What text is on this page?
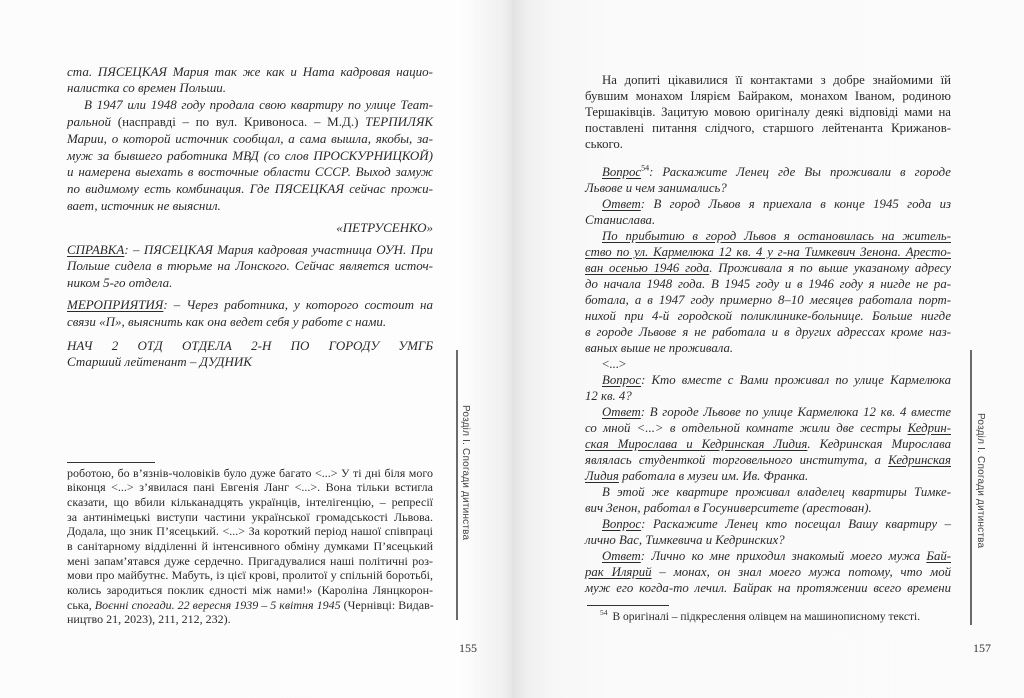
ста. ПЯСЕЦКАЯ Мария так же как и Ната кадровая нацио-
налистка со времен Польши.
В 1947 или 1948 году продала свою квартиру по улице Теат-
ральной (насправді – по вул. Кривоноса. – М.Д.) ТЕРПИЛЯК
Марии, о которой источник сообщал, а сама вышла, якобы, за-
муж за бывшего работника МВД (со слов ПРОСКУРНИЦКОЙ)
и намерена выехать в восточные области СССР. Выход замуж
по видимому есть комбинация. Где ПЯСЕЦКАЯ сейчас прожи-
вает, источник не выяснил.
«ПЕТРУСЕНКО»
СПРАВКА: – ПЯСЕЦКАЯ Мария кадровая участница ОУН. При
Польше сидела в тюрьме на Лонского. Сейчас является источ-
ником 5-го отдела.
МЕРОПРИЯТИЯ: – Через работника, у которого состоит на
связи «П», выяснить как она ведет себя у работе с нами.
НАЧ 2 ОТД ОТДЕЛА 2-Н ПО ГОРОДУ УМГБ
Старший лейтенант – ДУДНИК
роботою, бо в’язнів-чоловіків було дуже багато <...> У ті дні біля мого
віконця <...> з’явилася пані Евгенія Ланг <...>. Вона тільки встигла
сказати, що вбили кільканадцять українців, інтелігенцію, – репресії
за антинімецькі виступи частини української громадськості Львова.
Додала, що зник П’ясецький. <...> За короткий період нашої співпраці
в санітарному відділенні й інтенсивного обміну думками П’ясецький
мені запам’ятався дуже сердечно. Пригадувалися наші політичні роз-
мови про майбутнє. Мабуть, із цієї крові, пролитої у спільній боротьбі,
колись зародиться поклик єдності між нами!» (Кароліна Лянцкорон-
ська, Воєнні спогади. 22 вересня 1939 – 5 квітня 1945 (Чернівці: Видав-
ництво 21, 2023), 211, 212, 232).
Розділ I. Спогади дитинства
155
На допиті цікавилися її контактами з добре знайомими їй
бувшим монахом Ілярієм Байраком, монахом Іваном, родиною
Тершаківців. Зацитую мовою оригіналу деякі відповіді мами на
поставлені питання слідчого, старшого лейтенанта Крижанов-
ського.
Вопрос$^{54}$: Раскажите Ленец где Вы проживали в городе
Львове и чем занимались?
Ответ: В город Львов я приехала в конце 1945 года из
Станислава.
По прибытию в город Львов я остановилась на житель-
ство по ул. Кармелюка 12 кв. 4 у г-на Тимкевич Зенона. Aресто-
ван осенью 1946 года. Проживала я по выше указаному адресу
до начала 1948 года. В 1945 году и в 1946 году я нигде не ра-
ботала, а в 1947 году примерно 8–10 месяцев работала порт-
нихой при 4-й городской поликлинике-больнице. Больше нигде
в городе Львове я не работала и в других адрессах кроме наз-
ваных выше не проживала.
<...>
Вопрос: Кто вместе с Вами проживал по улице Кармелюка
12 кв. 4?
Ответ: В городе Львове по улице Кармелюка 12 кв. 4 вместе
со мной <...> в отдельной комнате жили две сестры Кедрин-
ская Мирослава и Кедринская Лидия. Кедринская Мирослава
являлась студенткой торговельного института, а Кедринская
Лидия работала в музеи им. Ив. Франка.
В этой же квартире проживал владелец квартиры Тимке-
вич Зенон, работал в Госуниверситете (арестован).
Вопрос: Раскажите Ленец кто посещал Вашу квартиру –
лично Вас, Тимкевича и Кедринских?
Ответ: Лично ко мне приходил знакомый моего мужа Бай-
рак Илярий – монах, он знал моего мужа потому, что мой
муж его когда-то лечил. Байрак на протяжении всего времени
$^{54}$ В оригіналі – підкреслення олівцем на машинописному тексті.
Розділ I. Спогади дитинства
157
